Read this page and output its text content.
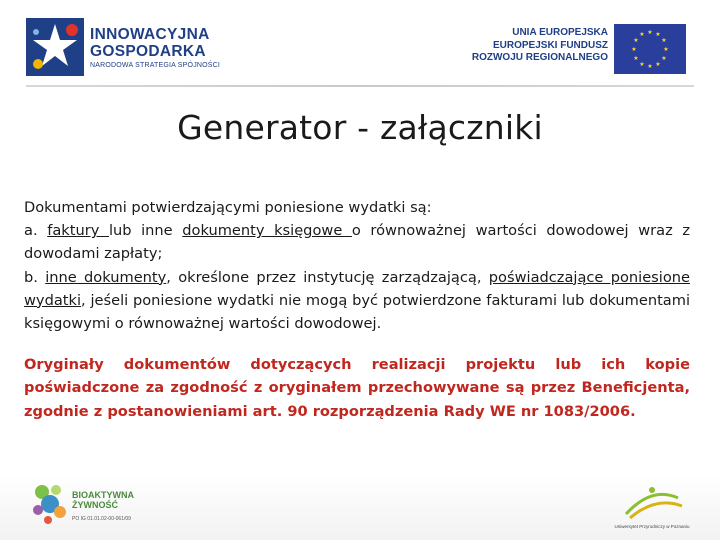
INNOWACYJNA
GOSPODARKA
NARODOWA STRATEGIA SPÓJNOŚCI
UNIA EUROPEJSKA
EUROPEJSKI FUNDUSZ
ROZWOJU REGIONALNEGO
★ ★
★
★
★
★
★
★
★
★
★
★
Generator - załączniki

Dokumentami potwierdzającymi poniesione wydatki są:

a. faktury lub inne dokumenty księgowe o równoważnej wartości dowodowej wraz z dowodami zapłaty;

b. inne dokumenty, określone przez instytucję zarządzającą, poświadczające poniesione wydatki, jeśeli poniesione wydatki nie mogą być potwierdzone fakturami lub dokumentami księgowymi o równoważnej wartości dowodowej.

Oryginały dokumentów dotyczących realizacji projektu lub ich kopie poświadczone za zgodność z oryginałem przechowywane są przez Beneficjenta, zgodnie z postanowieniami art. 90 rozporządzenia Rady WE nr 1083/2006.

BIOAKTYWNA
ŻYWNOŚĆ
PO IG 01.01.02-00-061/09
Uniwersytet Przyrodniczy w Poznaniu
